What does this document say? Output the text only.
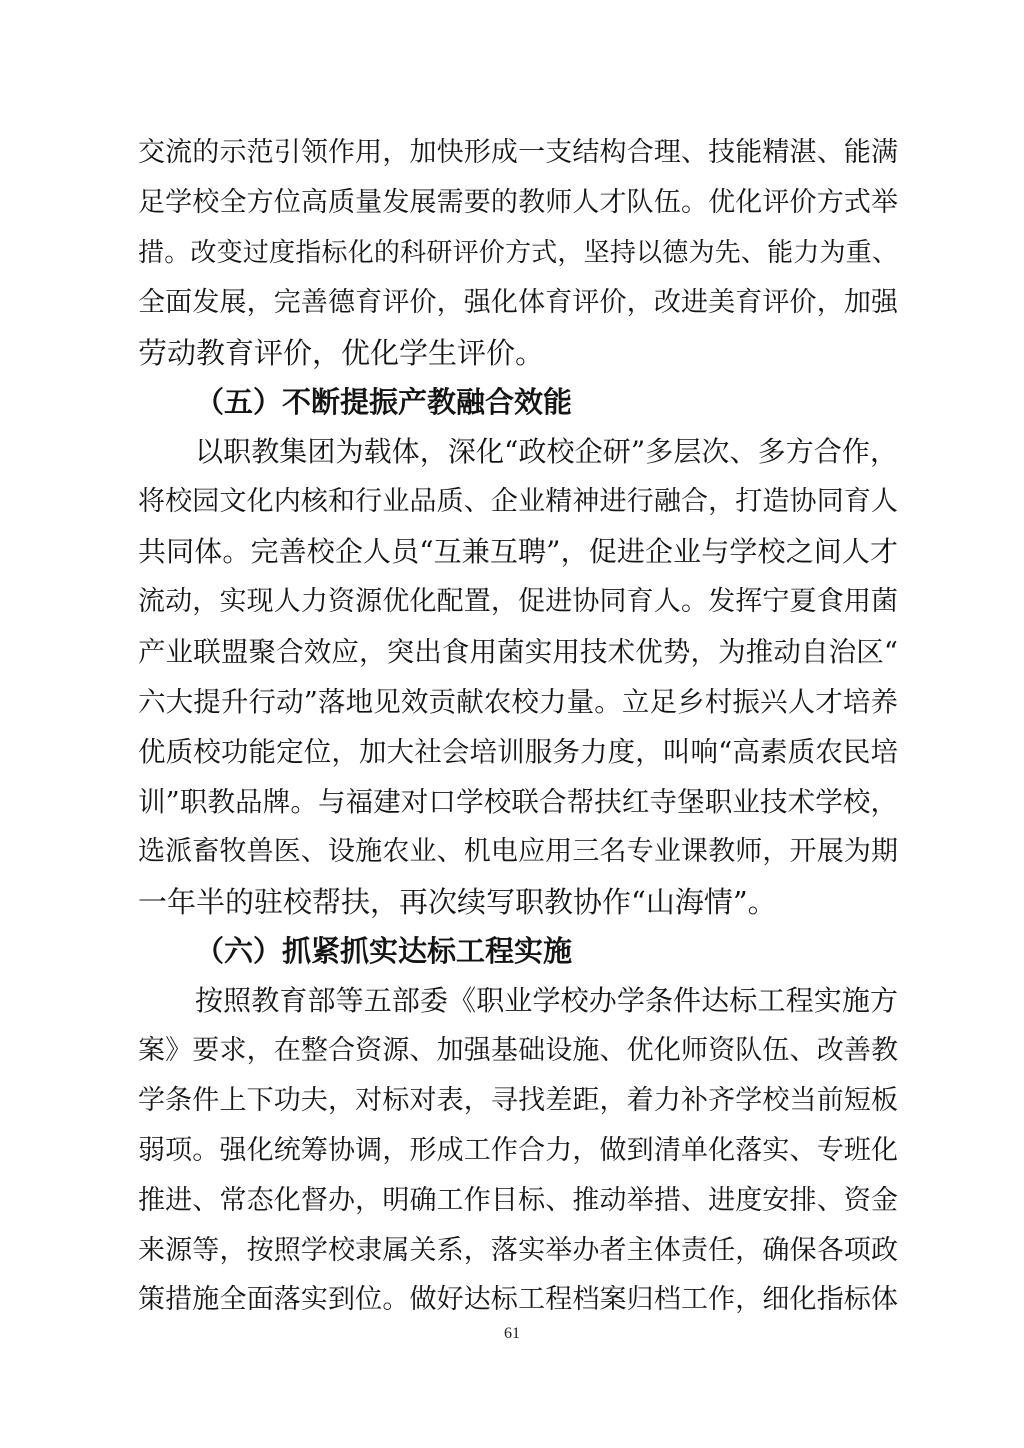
交流的示范引领作用，加快形成一支结构合理、技能精湛、能满
足学校全方位高质量发展需要的教师人才队伍。优化评价方式举
措。改变过度指标化的科研评价方式，坚持以德为先、能力为重、
全面发展，完善德育评价，强化体育评价，改进美育评价，加强
劳动教育评价，优化学生评价。
（五）不断提振产教融合效能
以职教集团为载体，深化“政校企研”多层次、多方合作，
将校园文化内核和行业品质、企业精神进行融合，打造协同育人
共同体。完善校企人员“互兼互聘”，促进企业与学校之间人才
流动，实现人力资源优化配置，促进协同育人。发挥宁夏食用菌
产业联盟聚合效应，突出食用菌实用技术优势，为推动自治区“
六大提升行动”落地见效贡献农校力量。立足乡村振兴人才培养
优质校功能定位，加大社会培训服务力度，叫响“高素质农民培
训”职教品牌。与福建对口学校联合帮扶红寺堡职业技术学校，
选派畜牧兽医、设施农业、机电应用三名专业课教师，开展为期
一年半的驻校帮扶，再次续写职教协作“山海情”。
（六）抓紧抓实达标工程实施
按照教育部等五部委《职业学校办学条件达标工程实施方
案》要求，在整合资源、加强基础设施、优化师资队伍、改善教
学条件上下功夫，对标对表，寻找差距，着力补齐学校当前短板
弱项。强化统筹协调，形成工作合力，做到清单化落实、专班化
推进、常态化督办，明确工作目标、推动举措、进度安排、资金
来源等，按照学校隶属关系，落实举办者主体责任，确保各项政
策措施全面落实到位。做好达标工程档案归档工作，细化指标体
61
